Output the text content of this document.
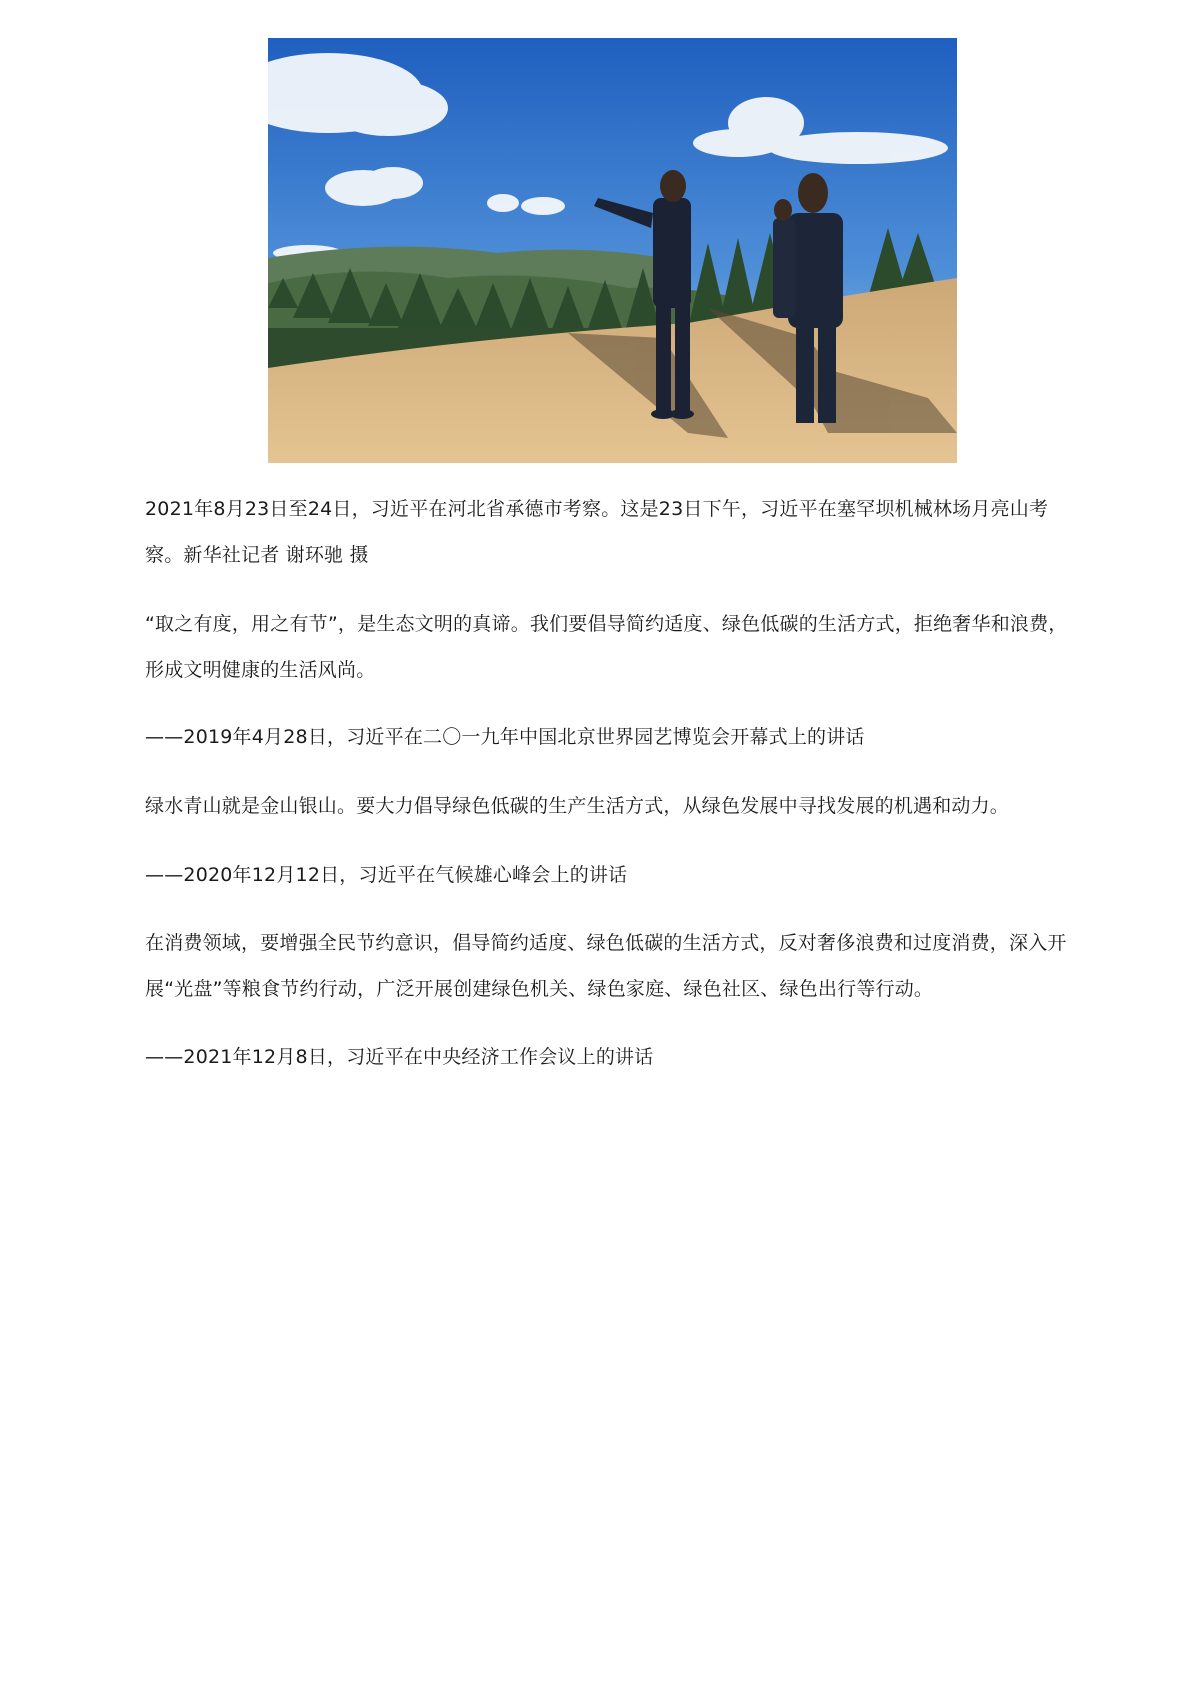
2021年8月23日至24日，习近平在河北省承德市考察。这是23日下午，习近平在塞罕坝机械林场月亮山考察。新华社记者 谢环驰 摄

“取之有度，用之有节”，是生态文明的真谛。我们要倡导简约适度、绿色低碳的生活方式，拒绝奢华和浪费，形成文明健康的生活风尚。

——2019年4月28日，习近平在二〇一九年中国北京世界园艺博览会开幕式上的讲话

绿水青山就是金山银山。要大力倡导绿色低碳的生产生活方式，从绿色发展中寻找发展的机遇和动力。

——2020年12月12日，习近平在气候雄心峰会上的讲话

在消费领域，要增强全民节约意识，倡导简约适度、绿色低碳的生活方式，反对奢侈浪费和过度消费，深入开展“光盘”等粮食节约行动，广泛开展创建绿色机关、绿色家庭、绿色社区、绿色出行等行动。

——2021年12月8日，习近平在中央经济工作会议上的讲话
